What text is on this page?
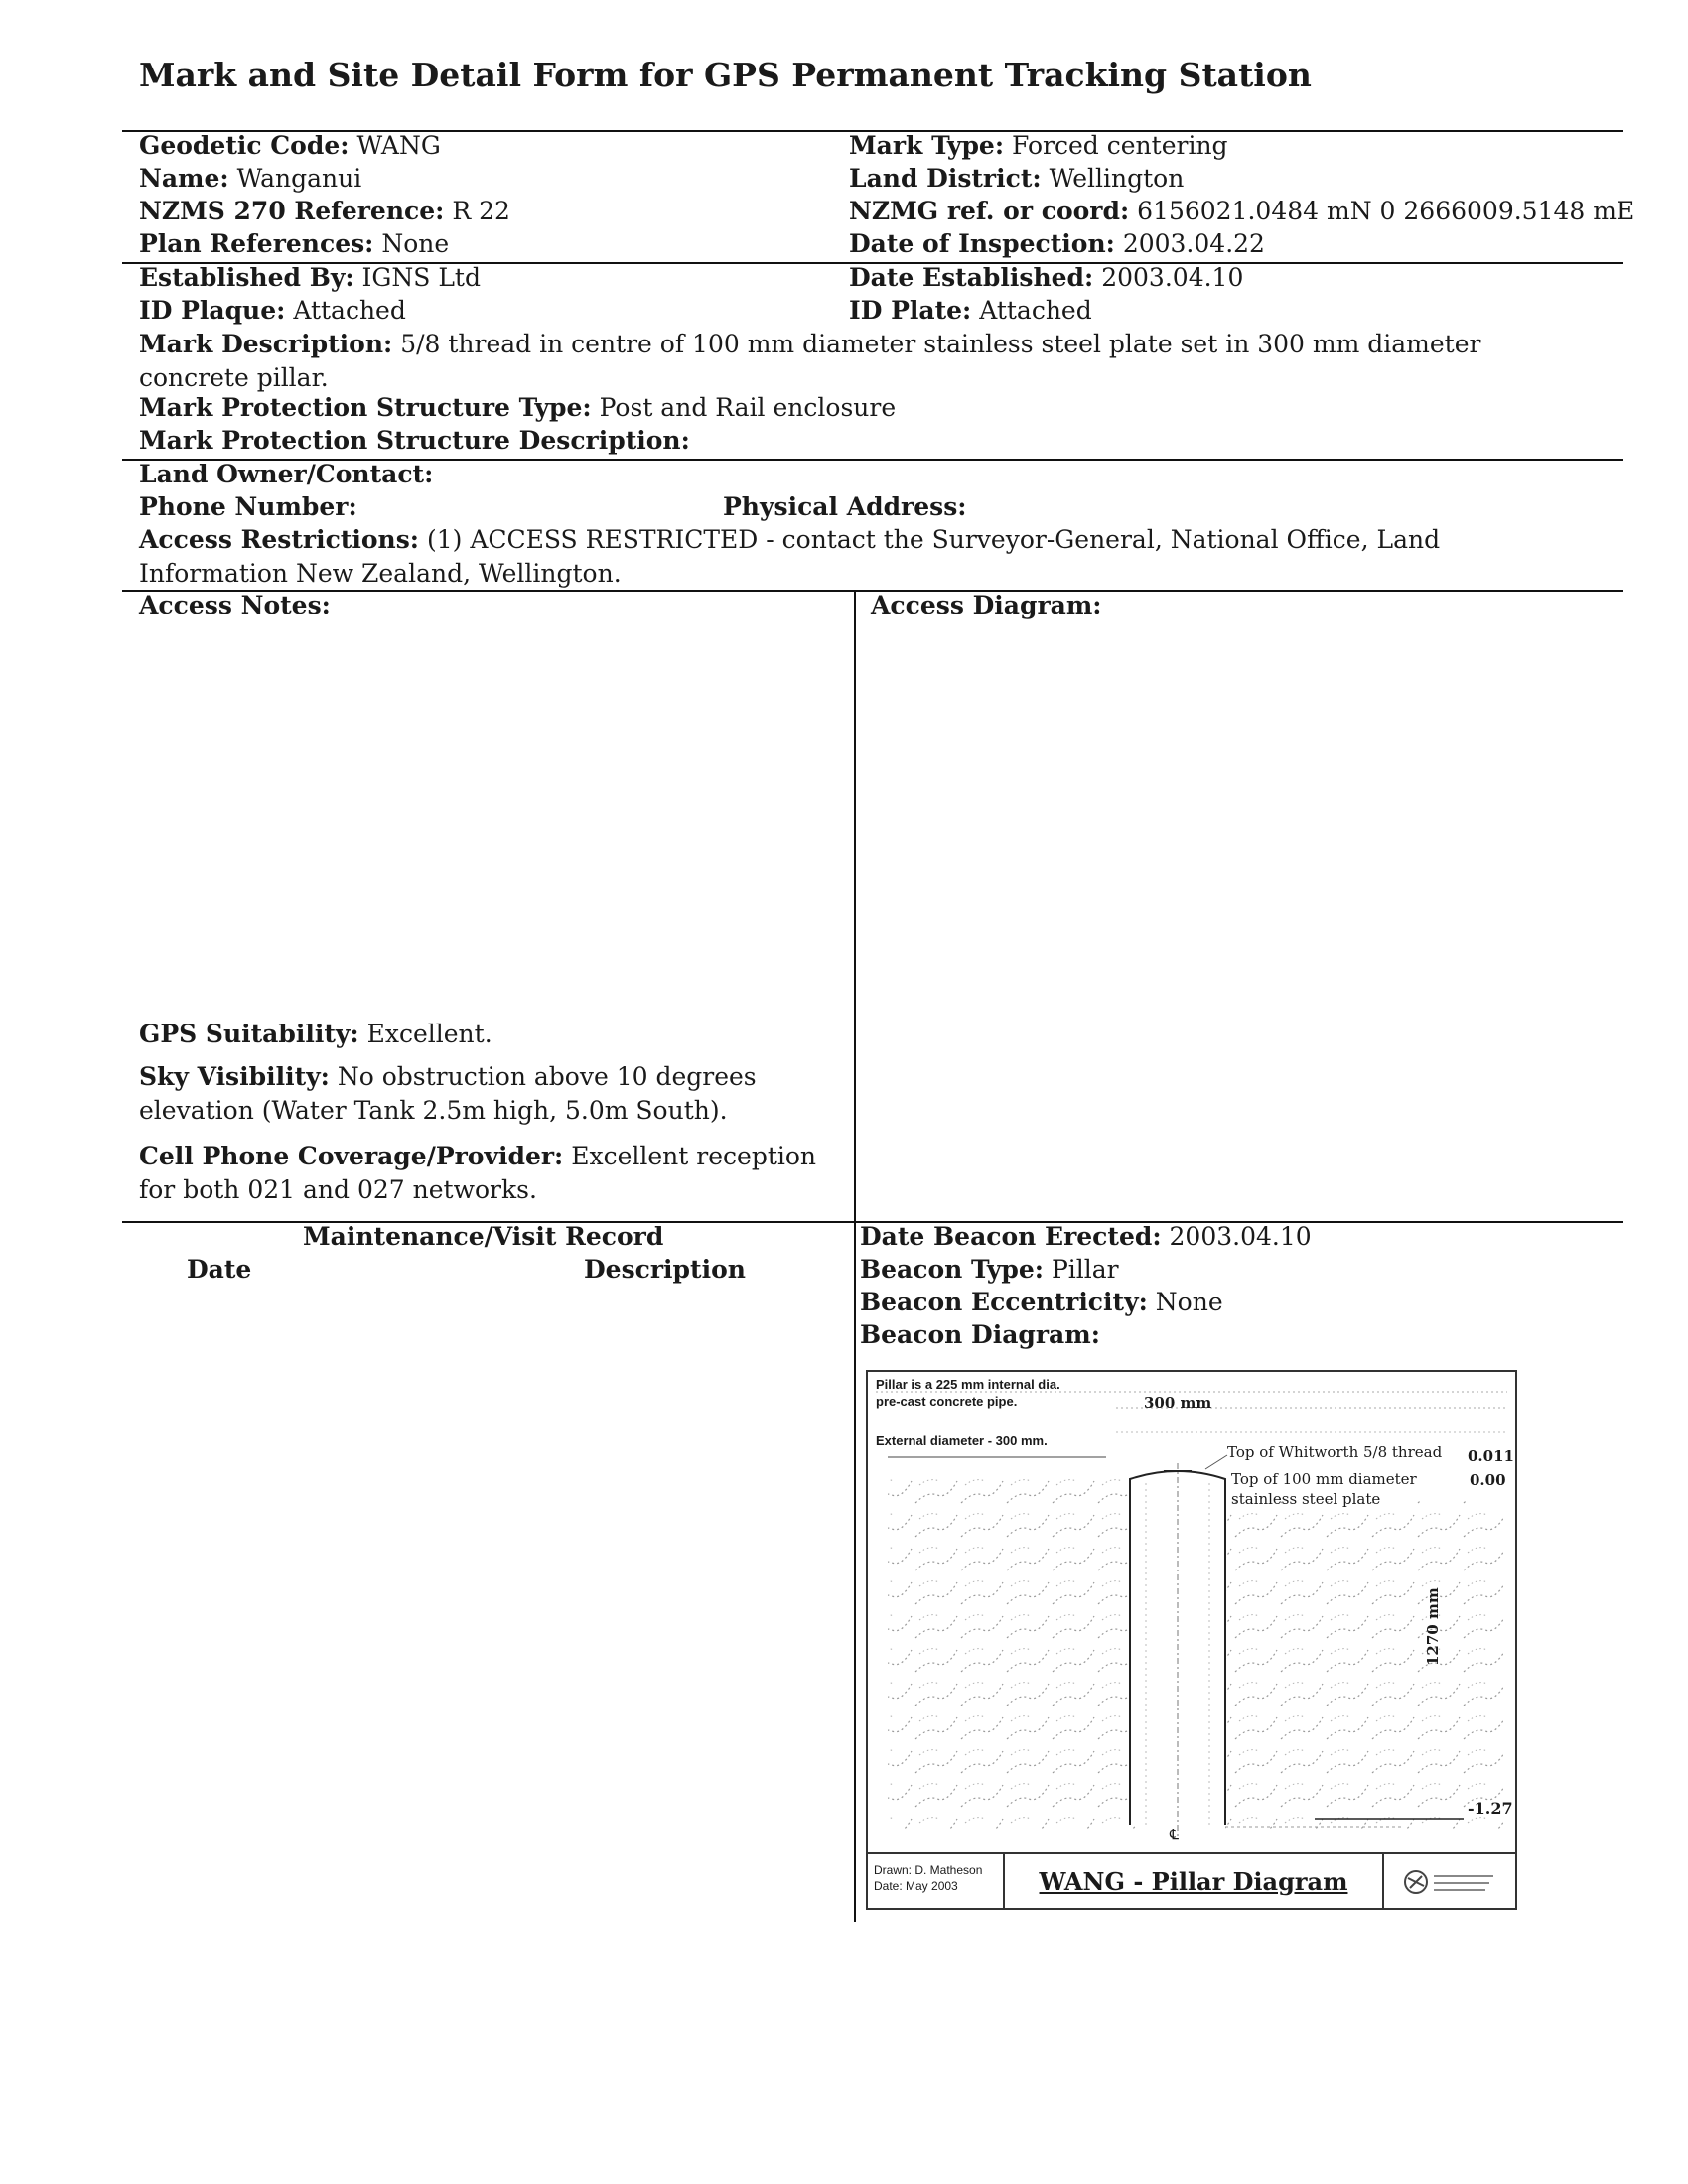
Mark and Site Detail Form for GPS Permanent Tracking Station
Geodetic Code: WANG	Mark Type: Forced centering
Name: Wanganui	Land District: Wellington
NZMS 270 Reference: R 22	NZMG ref. or coord: 6156021.0484 mN 0 2666009.5148 mE
Plan References: None	Date of Inspection: 2003.04.22
Established By: IGNS Ltd	Date Established: 2003.04.10
ID Plaque: Attached	ID Plate: Attached
Mark Description: 5/8 thread in centre of 100 mm diameter stainless steel plate set in 300 mm diameter concrete pillar.
Mark Protection Structure Type: Post and Rail enclosure
Mark Protection Structure Description:
Land Owner/Contact:
Phone Number:	Physical Address:
Access Restrictions: (1) ACCESS RESTRICTED - contact the Surveyor-General, National Office, Land Information New Zealand, Wellington.
Access Notes:	Access Diagram:
GPS Suitability: Excellent.
Sky Visibility: No obstruction above 10 degrees elevation (Water Tank 2.5m high, 5.0m South).
Cell Phone Coverage/Provider: Excellent reception for both 021 and 027 networks.
Maintenance/Visit Record
Date	Description
Date Beacon Erected: 2003.04.10
Beacon Type: Pillar
Beacon Eccentricity: None
Beacon Diagram:
Pillar is a 225 mm internal dia.
pre-cast concrete pipe.	300 mm
External diameter - 300 mm.
Top of Whitworth 5/8 thread 0.011
Top of 100 mm diameter
stainless steel plate
0.00
1270 mm
-1.27
℄
Drawn: D. Matheson
Date: May 2003	WANG - Pillar Diagram
